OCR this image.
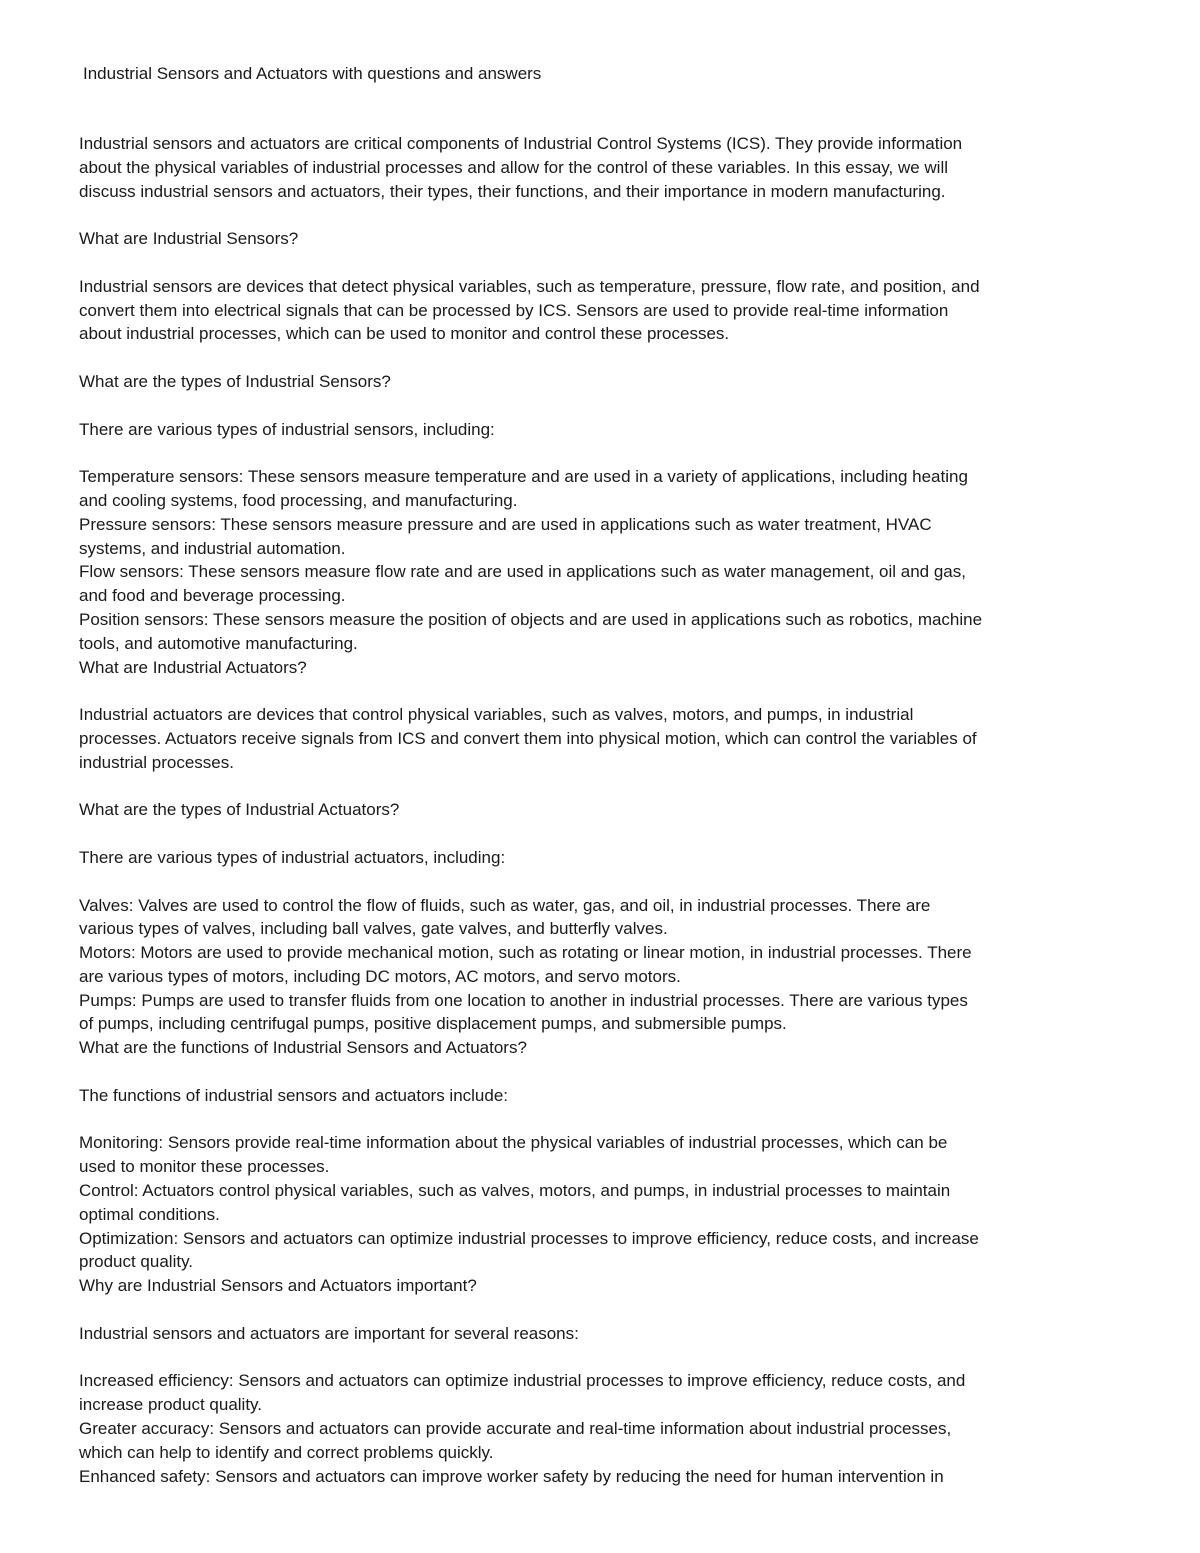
Industrial Sensors and Actuators with questions and answers

Industrial sensors and actuators are critical components of Industrial Control Systems (ICS). They provide information

about the physical variables of industrial processes and allow for the control of these variables. In this essay, we will

discuss industrial sensors and actuators, their types, their functions, and their importance in modern manufacturing.

What are Industrial Sensors?

Industrial sensors are devices that detect physical variables, such as temperature, pressure, flow rate, and position, and

convert them into electrical signals that can be processed by ICS. Sensors are used to provide real-time information

about industrial processes, which can be used to monitor and control these processes.

What are the types of Industrial Sensors?

There are various types of industrial sensors, including:

Temperature sensors: These sensors measure temperature and are used in a variety of applications, including heating

and cooling systems, food processing, and manufacturing.

Pressure sensors: These sensors measure pressure and are used in applications such as water treatment, HVAC

systems, and industrial automation.

Flow sensors: These sensors measure flow rate and are used in applications such as water management, oil and gas,

and food and beverage processing.

Position sensors: These sensors measure the position of objects and are used in applications such as robotics, machine

tools, and automotive manufacturing.

What are Industrial Actuators?

Industrial actuators are devices that control physical variables, such as valves, motors, and pumps, in industrial

processes. Actuators receive signals from ICS and convert them into physical motion, which can control the variables of

industrial processes.

What are the types of Industrial Actuators?

There are various types of industrial actuators, including:

Valves: Valves are used to control the flow of fluids, such as water, gas, and oil, in industrial processes. There are

various types of valves, including ball valves, gate valves, and butterfly valves.

Motors: Motors are used to provide mechanical motion, such as rotating or linear motion, in industrial processes. There

are various types of motors, including DC motors, AC motors, and servo motors.

Pumps: Pumps are used to transfer fluids from one location to another in industrial processes. There are various types

of pumps, including centrifugal pumps, positive displacement pumps, and submersible pumps.

What are the functions of Industrial Sensors and Actuators?

The functions of industrial sensors and actuators include:

Monitoring: Sensors provide real-time information about the physical variables of industrial processes, which can be

used to monitor these processes.

Control: Actuators control physical variables, such as valves, motors, and pumps, in industrial processes to maintain

optimal conditions.

Optimization: Sensors and actuators can optimize industrial processes to improve efficiency, reduce costs, and increase

product quality.

Why are Industrial Sensors and Actuators important?

Industrial sensors and actuators are important for several reasons:

Increased efficiency: Sensors and actuators can optimize industrial processes to improve efficiency, reduce costs, and

increase product quality.

Greater accuracy: Sensors and actuators can provide accurate and real-time information about industrial processes,

which can help to identify and correct problems quickly.

Enhanced safety: Sensors and actuators can improve worker safety by reducing the need for human intervention in
